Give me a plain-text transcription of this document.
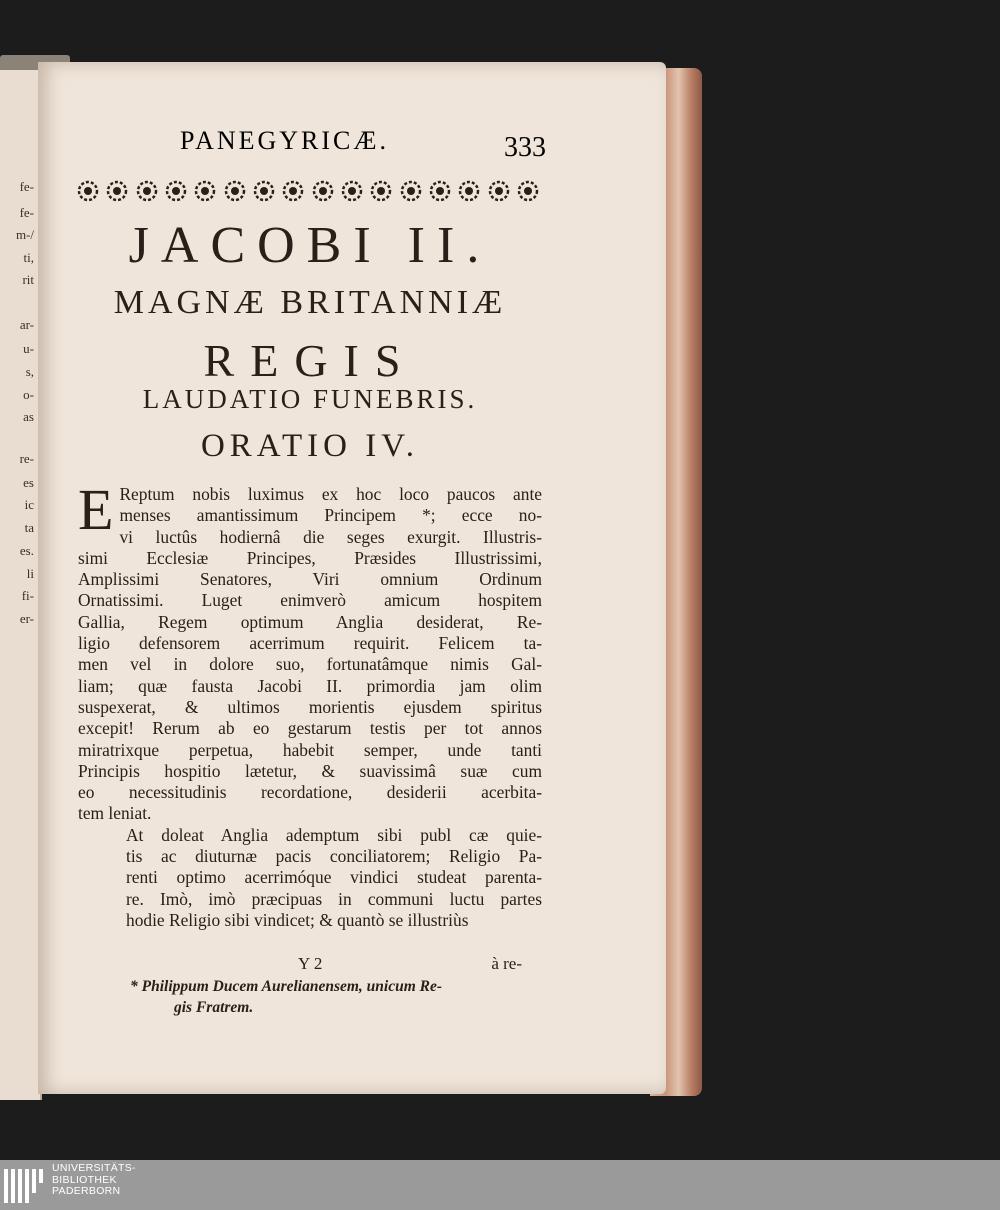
fe-
fe-
m-/
ti,
rit
ar-
u-
s,
o-
as
re-
es
ic
ta
es.
li
fi-
er-
PANEGYRICÆ.	333
JACOBI II.
MAGNÆ BRITANNIÆ
REGIS
LAUDATIO FUNEBRIS.
ORATIO IV.

E Reptum nobis luximus ex hoc loco paucos ante
menses amantissimum Principem *; ecce no-
vi luctûs hodiernâ die seges exurgit. Illustris-
simi Ecclesiæ Principes, Præsides Illustrissimi,
Amplissimi Senatores, Viri omnium Ordinum
Ornatissimi. Luget enimverò amicum hospitem
Gallia, Regem optimum Anglia desiderat, Re-
ligio defensorem acerrimum requirit. Felicem ta-
men vel in dolore suo, fortunatâmque nimis Gal-
liam; quæ fausta Jacobi II. primordia jam olim
suspexerat, & ultimos morientis ejusdem spiritus
excepit! Rerum ab eo gestarum testis per tot annos
miratrixque perpetua, habebit semper, unde tanti
Principis hospitio lætetur, & suavissimâ suæ cum
eo necessitudinis recordatione, desiderii acerbita-
tem leniat.

At doleat Anglia ademptum sibi publ cæ quie-
tis ac diuturnæ pacis conciliatorem; Religio Pa-
renti optimo acerrimóque vindici studeat parenta-
re. Imò, imò præcipuas in communi luctu partes
hodie Religio sibi vindicet; & quantò se illustriùs

Y 2	à re-
* Philippum Ducem Aurelianensem, unicum Re-
gis Fratrem.
UNIVERSITÄTS-
BIBLIOTHEK
PADERBORN
